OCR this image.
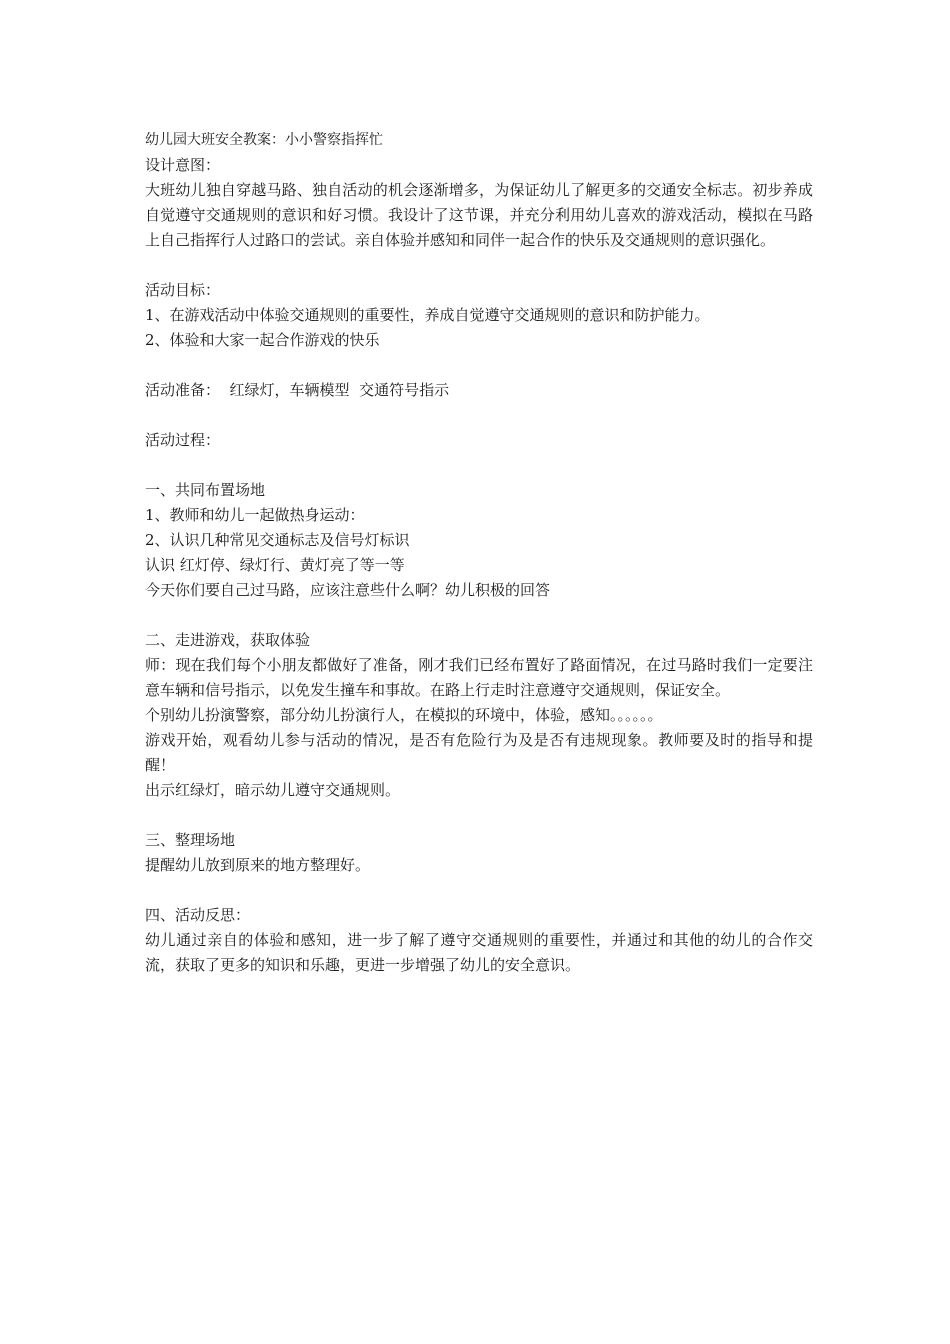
幼儿园大班安全教案：小小警察指挥忙
设计意图：
大班幼儿独自穿越马路、独自活动的机会逐渐增多，为保证幼儿了解更多的交通安全标志。初步养成自觉遵守交通规则的意识和好习惯。我设计了这节课，并充分利用幼儿喜欢的游戏活动，模拟在马路上自己指挥行人过路口的尝试。亲自体验并感知和同伴一起合作的快乐及交通规则的意识强化。
活动目标：
1、在游戏活动中体验交通规则的重要性，养成自觉遵守交通规则的意识和防护能力。
2、体验和大家一起合作游戏的快乐
活动准备：  红绿灯，车辆模型  交通符号指示
活动过程：
一、共同布置场地
1、教师和幼儿一起做热身运动：
2、认识几种常见交通标志及信号灯标识
认识 红灯停、绿灯行、黄灯亮了等一等
今天你们要自己过马路，应该注意些什么啊？幼儿积极的回答
二、走进游戏，获取体验
师：现在我们每个小朋友都做好了准备，刚才我们已经布置好了路面情况，在过马路时我们一定要注意车辆和信号指示，以免发生撞车和事故。在路上行走时注意遵守交通规则，保证安全。
个别幼儿扮演警察，部分幼儿扮演行人，在模拟的环境中，体验，感知。。。。。。
游戏开始，观看幼儿参与活动的情况，是否有危险行为及是否有违规现象。教师要及时的指导和提醒！
出示红绿灯，暗示幼儿遵守交通规则。
三、整理场地
提醒幼儿放到原来的地方整理好。
四、活动反思：
幼儿通过亲自的体验和感知，进一步了解了遵守交通规则的重要性，并通过和其他的幼儿的合作交流，获取了更多的知识和乐趣，更进一步增强了幼儿的安全意识。
